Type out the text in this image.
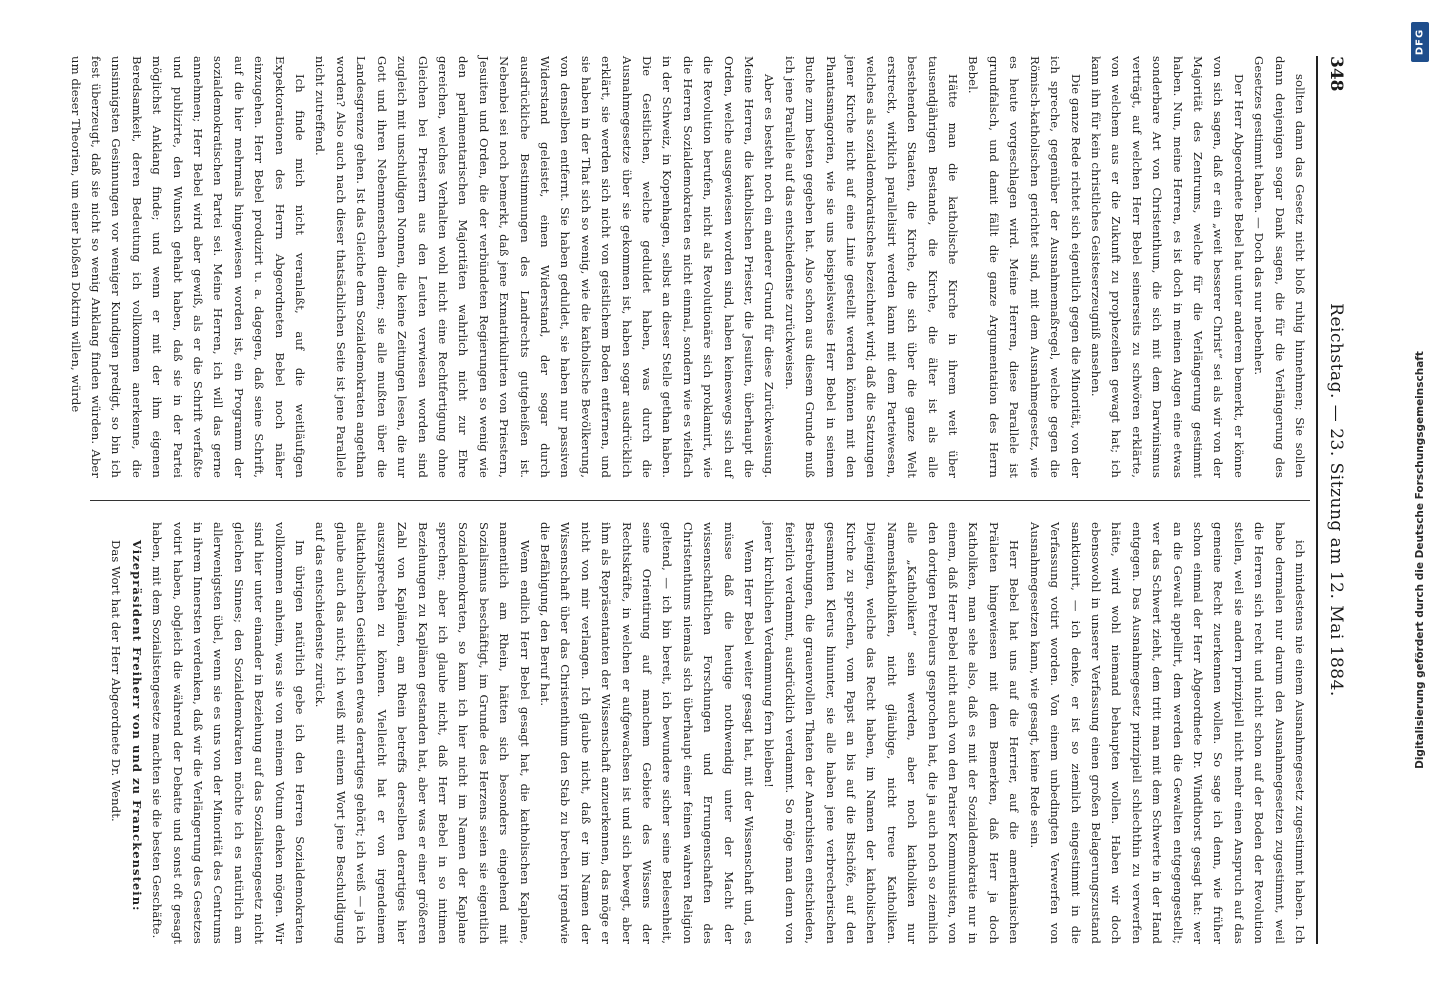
348
Reichstag. — 23. Sitzung am 12. Mai 1884.

sollten dann das Gesetz nicht bloß ruhig hinnehmen; Sie sollen dann denjenigen sogar Dank sagen, die für die Verlängerung des Gesetzes gestimmt haben. — Doch das nur nebenher.

Der Herr Abgeordnete Bebel hat unter anderem bemerkt, er könne von sich sagen, daß er ein „weit besserer Christ“ sei als wir von der Majorität des Zentrums, welche für die Verlängerung gestimmt haben. Nun, meine Herren, es ist doch in meinen Augen eine etwas sonderbare Art von Christenthum, die sich mit dem Darwinismus verträgt, auf welchen Herr Bebel seinerseits zu schwören erklärte, von welchem aus er die Zukunft zu prophezeihen gewagt hat; ich kann ihn für kein christliches Geisteserzeugniß ansehen.

Die ganze Rede richtet sich eigentlich gegen die Minorität, von der ich spreche, gegenüber der Ausnahmemaßregel, welche gegen die Römisch-katholischen gerichtet sind, mit dem Ausnahmegesetz, wie es heute vorgeschlagen wird. Meine Herren, diese Parallele ist grundfalsch, und damit fällt die ganze Argumentation des Herrn Bebel.

Hätte man die katholische Kirche in ihrem weit über tausendjährigen Bestande, die Kirche, die älter ist als alle bestehenden Staaten, die Kirche, die sich über die ganze Welt erstreckt, wirklich parallelisirt werden kann mit dem Parteiwesen, welches als sozialdemokratisches bezeichnet wird; daß die Satzungen jener Kirche nicht auf eine Linie gestellt werden können mit den Phantasmagorien, wie sie uns beispielsweise Herr Bebel in seinem Buche zum besten gegeben hat. Also schon aus diesem Grunde muß ich jene Parallele auf das entschiedenste zurückweisen.

Aber es besteht noch ein anderer Grund für diese Zurückweisung. Meine Herren, die katholischen Priester, die Jesuiten, überhaupt die Orden, welche ausgewiesen worden sind, haben keineswegs sich auf die Revolution berufen, nicht als Revolutionäre sich proklamirt, wie die Herren Sozialdemokraten es nicht einmal, sondern wie es vielfach in der Schweiz, in Kopenhagen, selbst an dieser Stelle gethan haben. Die Geistlichen, welche geduldet haben, was durch die Ausnahmegesetze über sie gekommen ist, haben sogar ausdrücklich erklärt, sie werden sich nicht von geistlichem Boden entfernen, und sie haben in der That sich so wenig, wie die katholische Bevölkerung, von denselben entfernt. Sie haben geduldet, sie haben nur passiven Widerstand geleistet, einen Widerstand, der sogar durch ausdrückliche Bestimmungen des Landrechts gutgeheißen ist. Nebenbei sei noch bemerkt, daß jene Exmatrikulirten von Priestern, Jesuiten und Orden, die der verbündeten Regierungen so wenig wie den parlamentarischen Majoritäten wahrlich nicht zur Ehre gereichen, welches Verhalten wohl nicht eine Rechtfertigung ohne Gleichen bei Priestern aus den Leuten verwiesen worden sind zugleich mit unschuldigen Nonnen, die keine Zeitungen lesen, die nur Gott und ihren Nebenmenschen dienen; sie alle mußten über die Landesgrenze gehen. Ist das Gleiche dem Sozialdemokraten angethan worden? Also auch nach dieser thatsächlichen Seite ist jene Parallele nicht zutreffend.

Ich finde mich nicht veranlaßt, auf die weitläufigen Expektorationen des Herrn Abgeordneten Bebel noch näher einzugehen. Herr Bebel produzirt u. a. dagegen, daß seine Schrift, auf die hier mehrmals hingewiesen worden ist, ein Programm der sozialdemokratischen Partei sei. Meine Herren, ich will das gerne annehmen; Herr Bebel wird aber gewiß, als er die Schrift verfaßte und publizirte, den Wunsch gehabt haben, daß sie in der Partei möglichst Anklang finde; und wenn er mit der ihm eigenen Beredsamkeit, deren Bedeutung ich vollkommen anerkenne, die unsinnigsten Gesinnungen vor weniger Kundigen predigt, so bin ich fest überzeugt, daß sie nicht so wenig Anklang finden würden. Aber um dieser Theorien, um einer bloßen Doktrin willen, würde

ich mindestens nie einem Ausnahmegesetz zugestimmt haben. Ich habe dermalen nur darum den Ausnahmegesetzen zugestimmt, weil die Herren sich recht und nicht schon auf der Boden der Revolution stellen, weil sie andern prinzipiell nicht mehr einen Anspruch auf das gemeine Recht zuerkennen wollen. So sage ich denn, wie früher schon einmal der Herr Abgeordnete Dr. Windthorst gesagt hat: wer an die Gewalt appellirt, dem werden die Gewalten entgegengestellt; wer das Schwert zieht, dem tritt man mit dem Schwerte in der Hand entgegen. Das Ausnahmegesetz prinzipiell schlechthin zu verwerfen hätte, wird wohl niemand behaupten wollen. Haben wir doch ebensowohl in unserer Verfassung einen großen Belagerungszustand sanktionirt, — ich denke, er ist so ziemlich eingestimmt in die Verfassung votirt worden. Von einem unbedingten Verwerfen von Ausnahmegesetzen kann, wie gesagt, keine Rede sein.

Herr Bebel hat uns auf die Herrier, auf die amerikanischen Prälaten hingewiesen mit dem Bemerken, daß Herr ja doch Katholiken, man sehe also, daß es mit der Sozialdemokratie nur in einem, daß Herr Bebel nicht auch von den Pariser Kommunisten, von den dortigen Petroleurs gesprochen hat, die ja auch noch so ziemlich alle „Katholiken“ sein werden, aber noch katholiken nur Namenskatholiken, nicht gläubige, nicht treue Katholiken. Diejenigen, welche das Recht haben, im Namen der katholischen Kirche zu sprechen, vom Papst an bis auf die Bischöfe, auf den gesammten Klerus hinunter, sie alle haben jene verbrecherischen Bestrebungen, die grauenvollen Thaten der Anarchisten entschieden, feierlich verdammt, ausdrücklich verdammt. So möge man denn von jener kirchlichen Verdammung fern bleiben!

Wenn Herr Bebel weiter gesagt hat, mit der Wissenschaft und, es müsse daß die heutige nothwendig unter der Macht der wissenschaftlichen Forschungen und Errungenschaften des Christenthums niemals sich überhaupt einer feinen wahren Religion geltend, — ich bin bereit, ich bewundere sicher seine Belesenheit, seine Orientirung auf manchem Gebiete des Wissens der Rechtskräfte, in welchen er aufgewachsen ist und sich bewegt, aber ihm als Repräsentanten der Wissenschaft anzuerkennen, das möge er nicht von mir verlangen. Ich glaube nicht, daß er im Namen der Wissenschaft über das Christenthum den Stab zu brechen irgendwie die Befähigung, den Beruf hat.

Wenn endlich Herr Bebel gesagt hat, die katholischen Kaplane, namentlich am Rhein, hätten sich besonders eingehend mit Sozialismus beschäftigt, im Grunde des Herzens seien sie eigentlich Sozialdemokraten, so kann ich hier nicht im Namen der Kaplane sprechen; aber ich glaube nicht, daß Herr Bebel in so intimen Beziehungen zu Kaplänen gestanden hat, aber was er einer größeren Zahl von Kaplänen, am Rhein betreffs derselben derartiges hier auszusprechen zu können. Vielleicht hat er von irgendeinem altkatholischen Geistlichen etwas derartiges gehört; ich weiß — ja ich glaube auch das nicht; ich weiß mit einem Wort jene Beschuldigung auf das entschiedenste zurück.

Im übrigen natürlich gebe ich den Herren Sozialdemokraten vollkommen anheim, was sie von meinem Votum denken mögen. Wir sind hier unter einander in Beziehung auf das Sozialistengesetz nicht gleichen Sinnes; den Sozialdemokraten möchte ich es natürlich am allerwenigsten übel, wenn sie es uns von der Minorität des Centrums in ihrem Innersten verdenken, daß wir die Verlängerung des Gesetzes votirt haben, obgleich die während der Debatte und sonst oft gesagt haben, mit dem Sozialistengesetze machten sie die besten Geschäfte.

Vizepräsident Freiherr von und zu Franckenstein:

Das Wort hat der Herr Abgeordnete Dr. Wendt.

DFG
Digitalisierung gefördert durch die Deutsche Forschungsgemeinschaft
